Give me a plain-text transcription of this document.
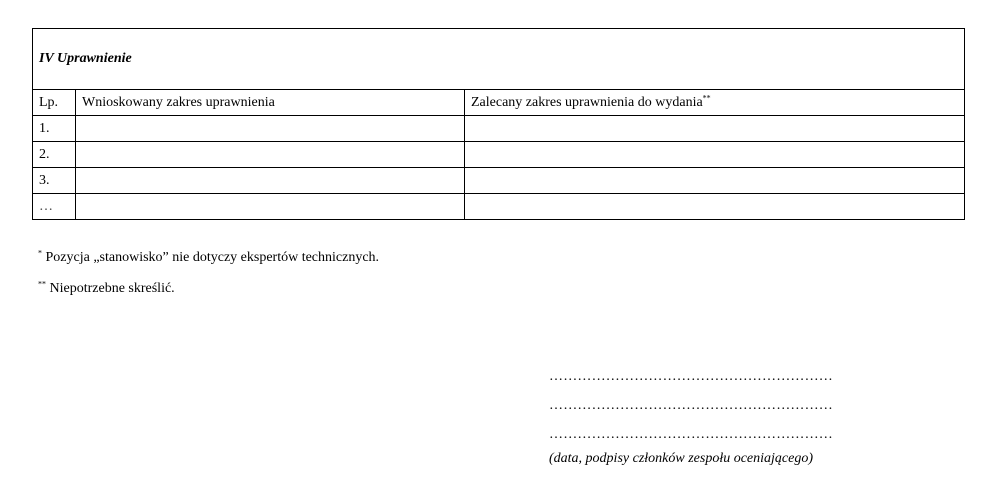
IV Uprawnienie		
Lp.	Wnioskowany zakres uprawnienia	Zalecany zakres uprawnienia do wydania**
1.		
2.		
3.		
…		
* Pozycja „stanowisko” nie dotyczy ekspertów technicznych.
** Niepotrzebne skreślić.
……………………………………………………
……………………………………………………
……………………………………………………
(data, podpisy członków zespołu oceniającego)
